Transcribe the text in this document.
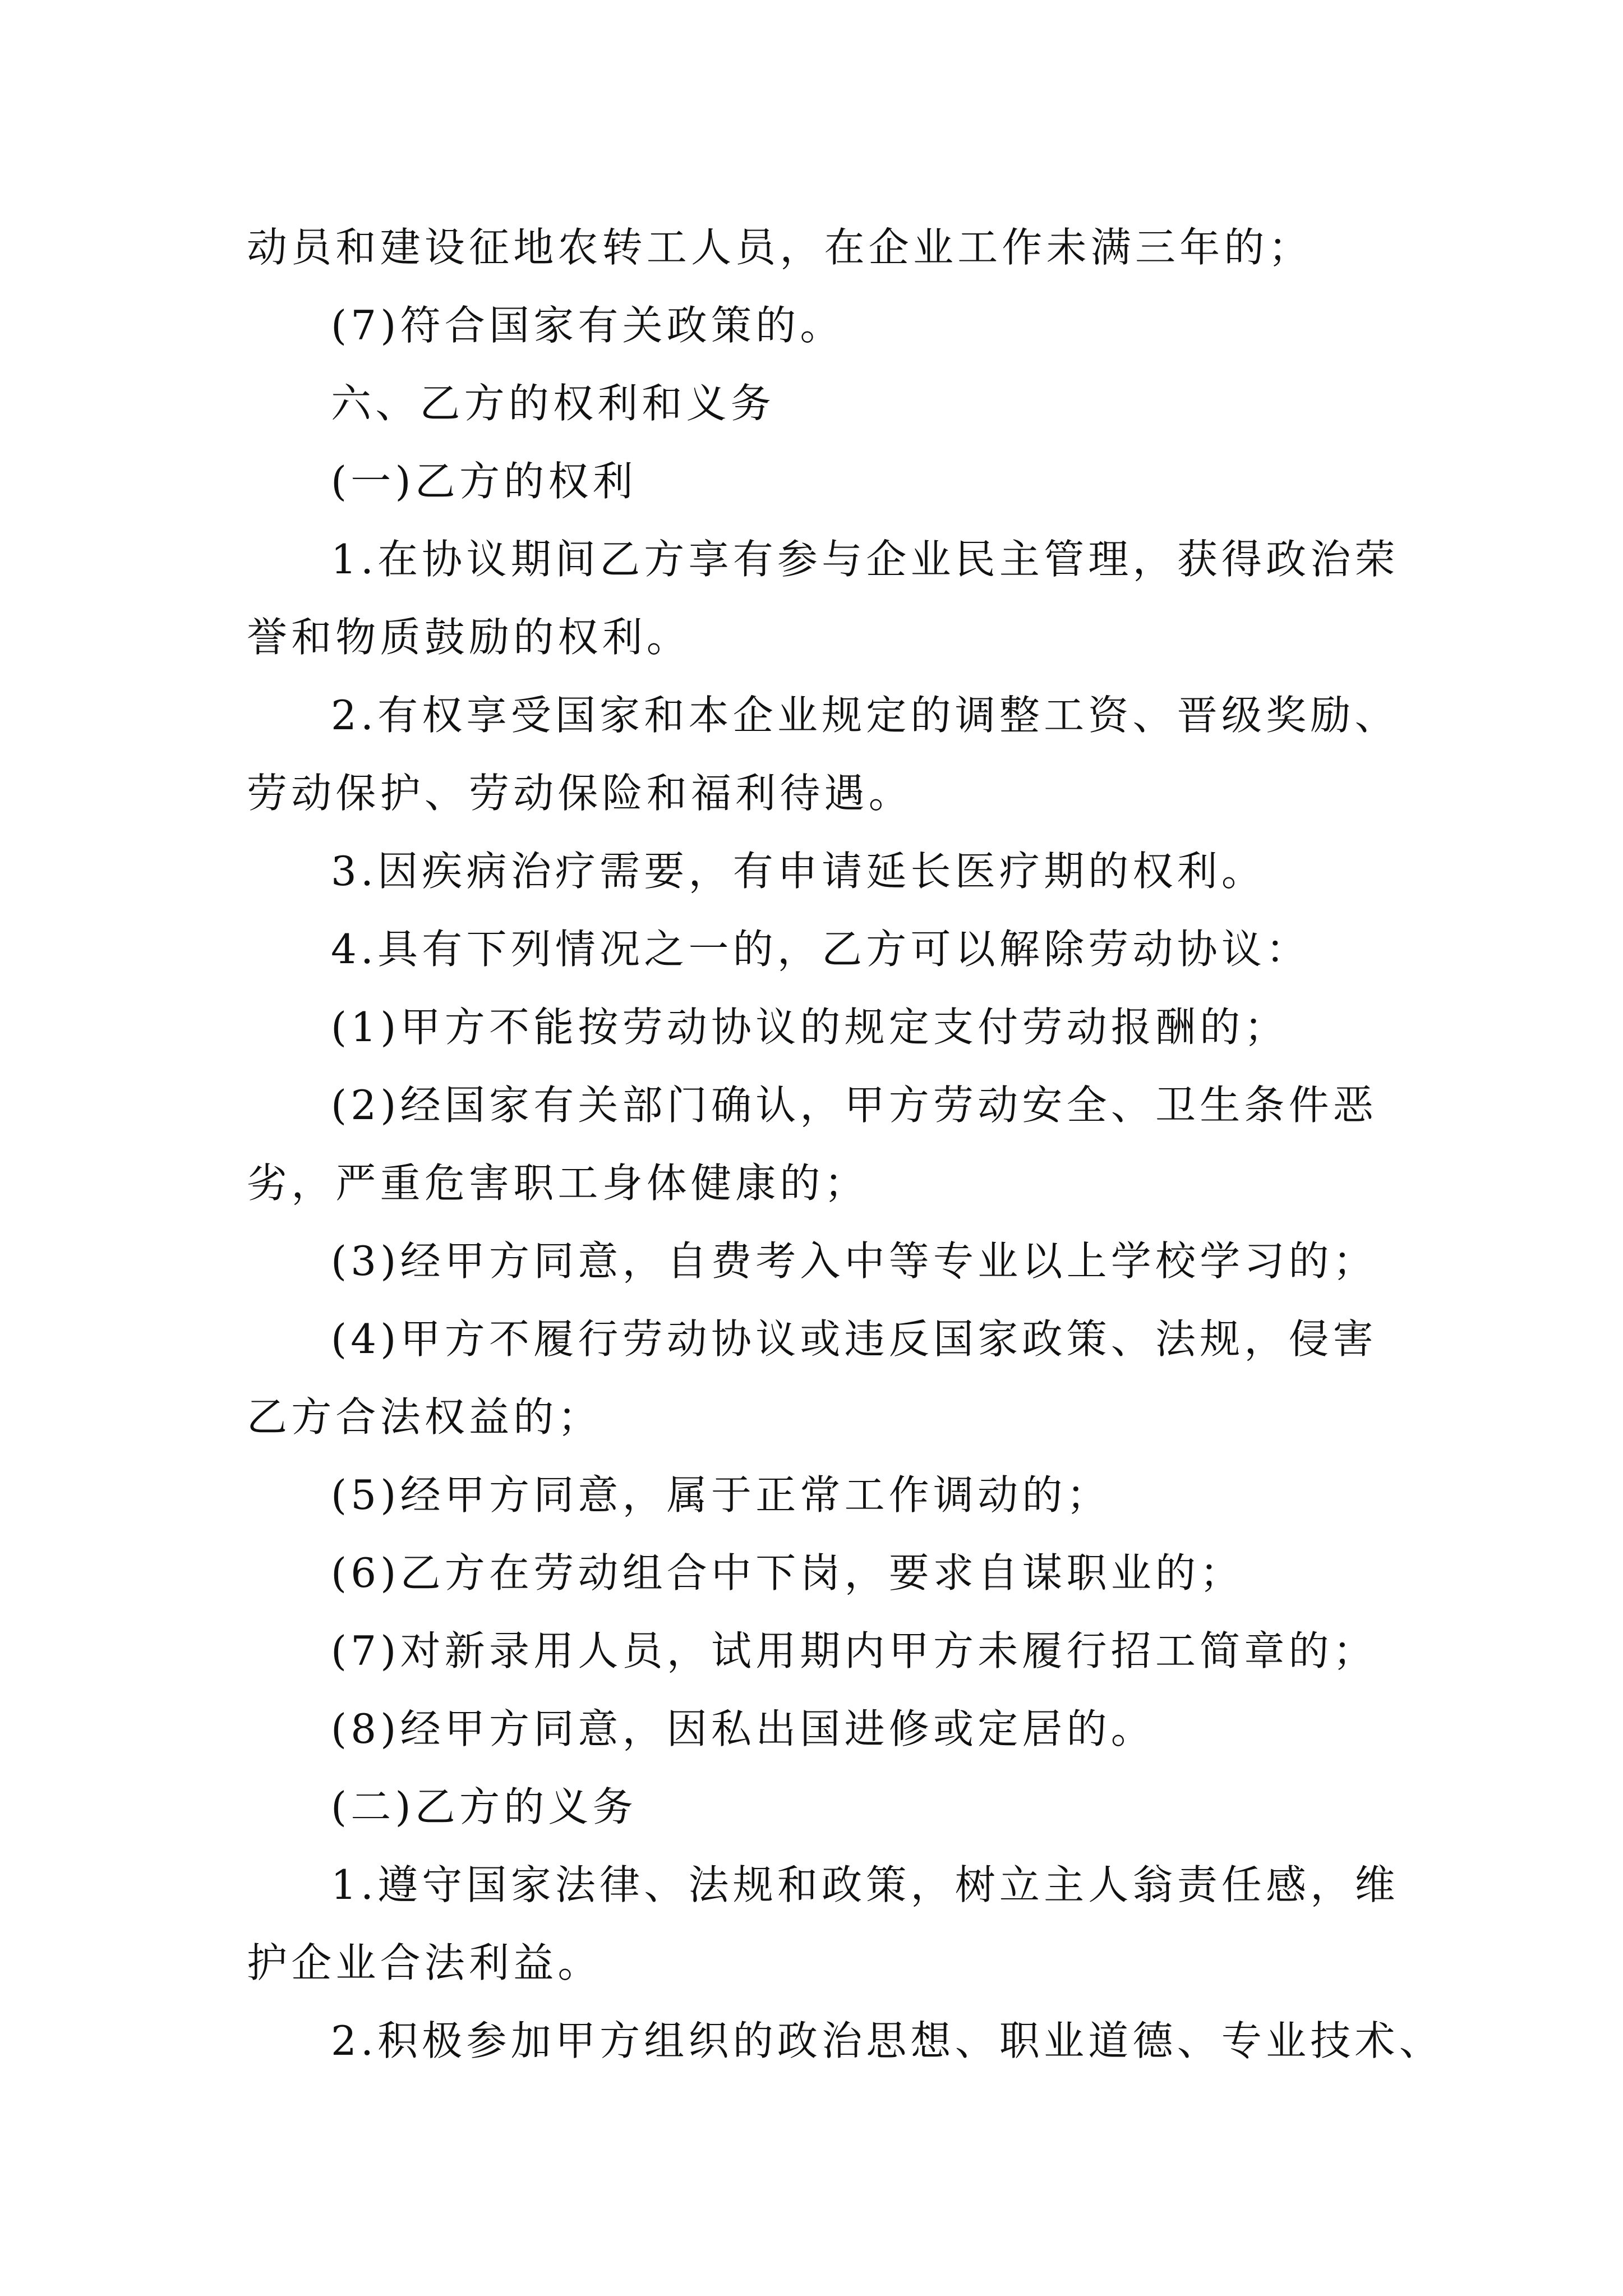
动员和建设征地农转工人员，在企业工作未满三年的；
(7)符合国家有关政策的。
六、乙方的权利和义务
(一)乙方的权利
1.在协议期间乙方享有参与企业民主管理，获得政治荣
誉和物质鼓励的权利。
2.有权享受国家和本企业规定的调整工资、晋级奖励、
劳动保护、劳动保险和福利待遇。
3.因疾病治疗需要，有申请延长医疗期的权利。
4.具有下列情况之一的，乙方可以解除劳动协议：
(1)甲方不能按劳动协议的规定支付劳动报酬的；
(2)经国家有关部门确认，甲方劳动安全、卫生条件恶
劣，严重危害职工身体健康的；
(3)经甲方同意，自费考入中等专业以上学校学习的；
(4)甲方不履行劳动协议或违反国家政策、法规，侵害
乙方合法权益的；
(5)经甲方同意，属于正常工作调动的；
(6)乙方在劳动组合中下岗，要求自谋职业的；
(7)对新录用人员，试用期内甲方未履行招工简章的；
(8)经甲方同意，因私出国进修或定居的。
(二)乙方的义务
1.遵守国家法律、法规和政策，树立主人翁责任感，维
护企业合法利益。
2.积极参加甲方组织的政治思想、职业道德、专业技术、
